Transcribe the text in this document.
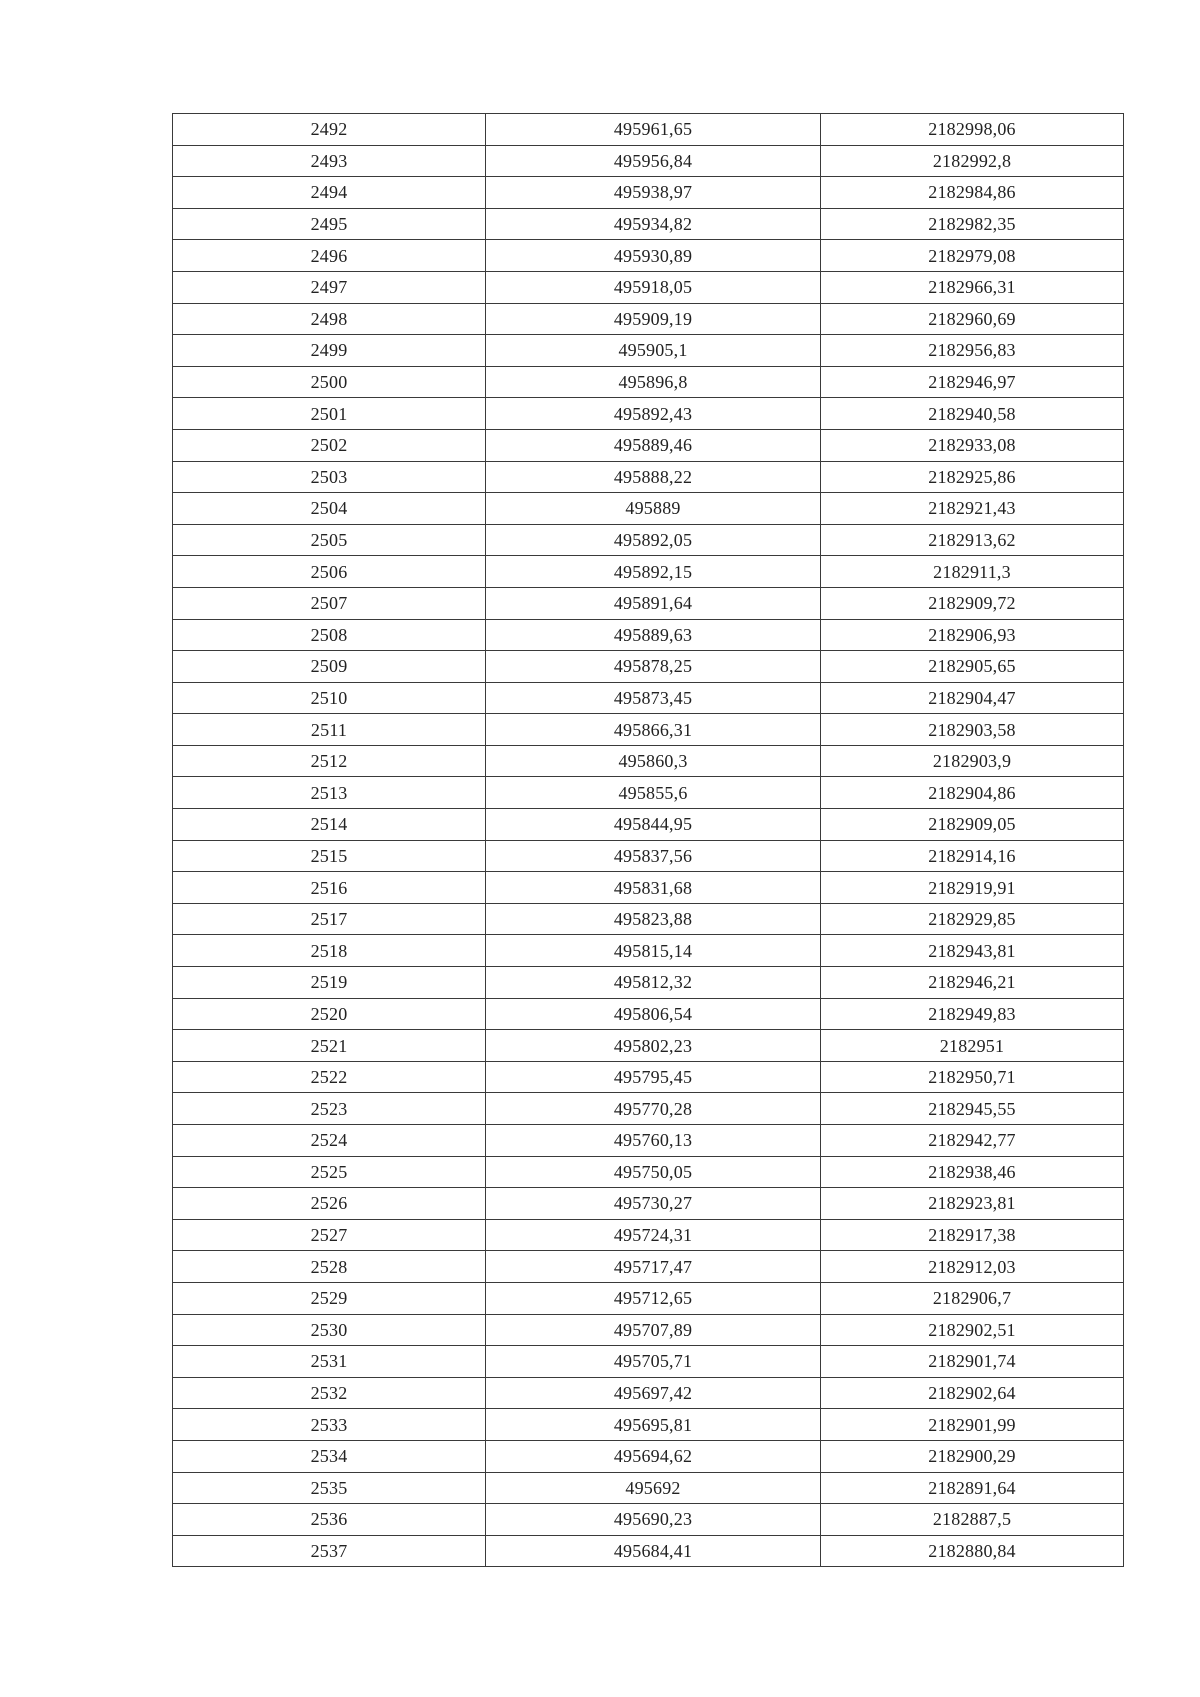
2492	495961,65	2182998,06
2493	495956,84	2182992,8
2494	495938,97	2182984,86
2495	495934,82	2182982,35
2496	495930,89	2182979,08
2497	495918,05	2182966,31
2498	495909,19	2182960,69
2499	495905,1	2182956,83
2500	495896,8	2182946,97
2501	495892,43	2182940,58
2502	495889,46	2182933,08
2503	495888,22	2182925,86
2504	495889	2182921,43
2505	495892,05	2182913,62
2506	495892,15	2182911,3
2507	495891,64	2182909,72
2508	495889,63	2182906,93
2509	495878,25	2182905,65
2510	495873,45	2182904,47
2511	495866,31	2182903,58
2512	495860,3	2182903,9
2513	495855,6	2182904,86
2514	495844,95	2182909,05
2515	495837,56	2182914,16
2516	495831,68	2182919,91
2517	495823,88	2182929,85
2518	495815,14	2182943,81
2519	495812,32	2182946,21
2520	495806,54	2182949,83
2521	495802,23	2182951
2522	495795,45	2182950,71
2523	495770,28	2182945,55
2524	495760,13	2182942,77
2525	495750,05	2182938,46
2526	495730,27	2182923,81
2527	495724,31	2182917,38
2528	495717,47	2182912,03
2529	495712,65	2182906,7
2530	495707,89	2182902,51
2531	495705,71	2182901,74
2532	495697,42	2182902,64
2533	495695,81	2182901,99
2534	495694,62	2182900,29
2535	495692	2182891,64
2536	495690,23	2182887,5
2537	495684,41	2182880,84
